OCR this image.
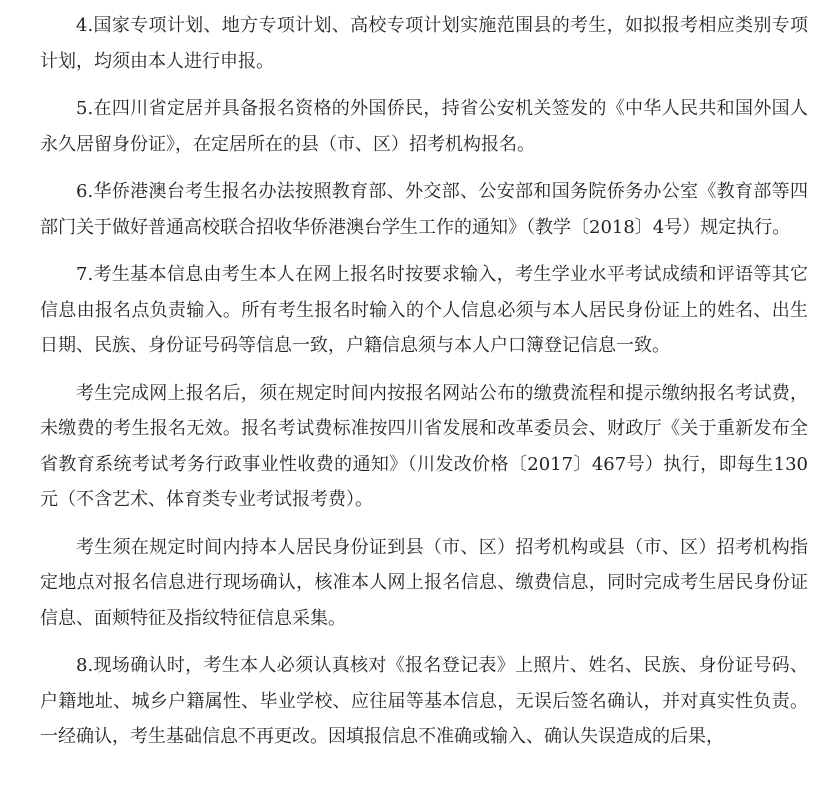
4.国家专项计划、地方专项计划、高校专项计划实施范围县的考生，如拟报考相应类别专项计划，均须由本人进行申报。

5.在四川省定居并具备报名资格的外国侨民，持省公安机关签发的《中华人民共和国外国人永久居留身份证》，在定居所在的县（市、区）招考机构报名。

6.华侨港澳台考生报名办法按照教育部、外交部、公安部和国务院侨务办公室《教育部等四部门关于做好普通高校联合招收华侨港澳台学生工作的通知》（教学〔2018〕4号）规定执行。

7.考生基本信息由考生本人在网上报名时按要求输入，考生学业水平考试成绩和评语等其它信息由报名点负责输入。所有考生报名时输入的个人信息必须与本人居民身份证上的姓名、出生日期、民族、身份证号码等信息一致，户籍信息须与本人户口簿登记信息一致。

考生完成网上报名后，须在规定时间内按报名网站公布的缴费流程和提示缴纳报名考试费，未缴费的考生报名无效。报名考试费标准按四川省发展和改革委员会、财政厅《关于重新发布全省教育系统考试考务行政事业性收费的通知》（川发改价格〔2017〕467号）执行，即每生130元（不含艺术、体育类专业考试报考费）。

考生须在规定时间内持本人居民身份证到县（市、区）招考机构或县（市、区）招考机构指定地点对报名信息进行现场确认，核准本人网上报名信息、缴费信息，同时完成考生居民身份证信息、面颊特征及指纹特征信息采集。

8.现场确认时，考生本人必须认真核对《报名登记表》上照片、姓名、民族、身份证号码、户籍地址、城乡户籍属性、毕业学校、应往届等基本信息，无误后签名确认，并对真实性负责。一经确认，考生基础信息不再更改。因填报信息不准确或输入、确认失误造成的后果，
